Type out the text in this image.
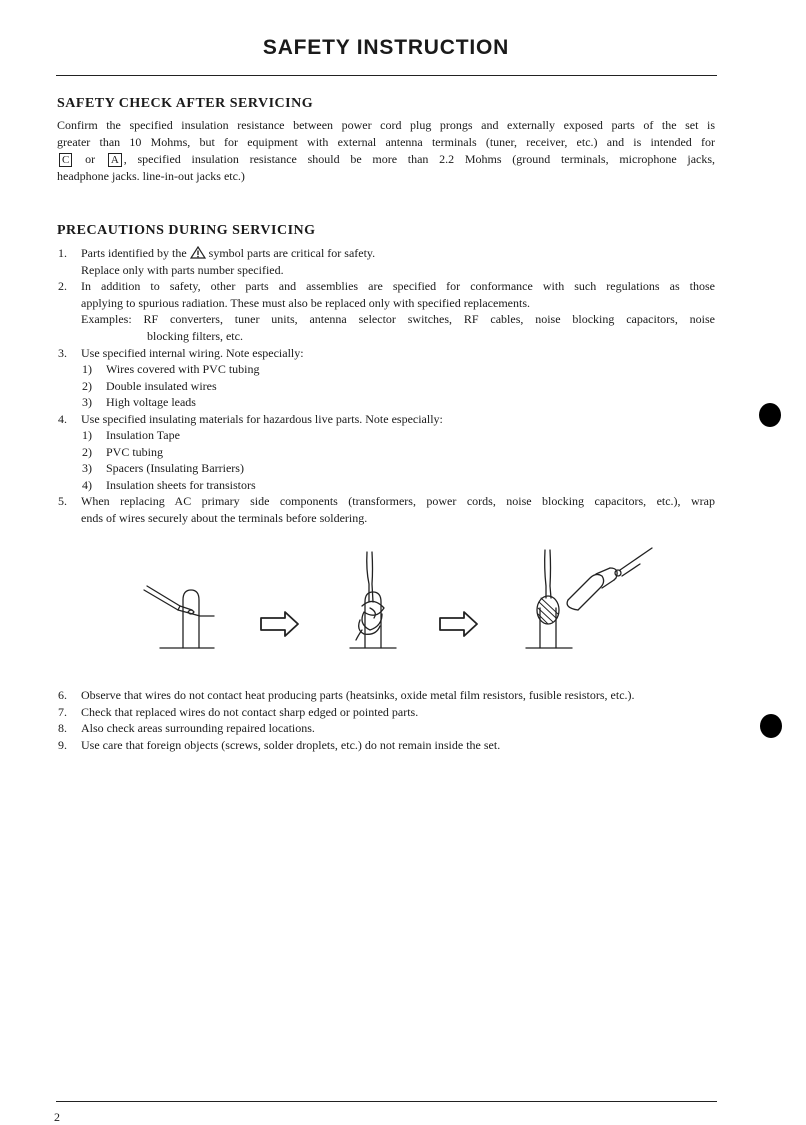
SAFETY INSTRUCTION
SAFETY CHECK AFTER SERVICING
Confirm the specified insulation resistance between power cord plug prongs and externally exposed parts of the set is
greater than 10 Mohms, but for equipment with external antenna terminals (tuner, receiver, etc.) and is intended for
C or A , specified insulation resistance should be more than 2.2 Mohms (ground terminals, microphone jacks,
headphone jacks. line-in-out jacks etc.)
PRECAUTIONS DURING SERVICING
1.	Parts identified by the symbol parts are critical for safety.
Replace only with parts number specified.
2.	In addition to safety, other parts and assemblies are specified for conformance with such regulations as those
applying to spurious radiation. These must also be replaced only with specified replacements.
Examples: RF converters, tuner units, antenna selector switches, RF cables, noise blocking capacitors, noise
blocking filters, etc.
3.	Use specified internal wiring. Note especially:
1) Wires covered with PVC tubing
2) Double insulated wires
3) High voltage leads
4.	Use specified insulating materials for hazardous live parts. Note especially:
1) Insulation Tape
2) PVC tubing
3) Spacers (Insulating Barriers)
4) Insulation sheets for transistors
5.	When replacing AC primary side components (transformers, power cords, noise blocking capacitors, etc.), wrap
ends of wires securely about the terminals before soldering.
6.	Observe that wires do not contact heat producing parts (heatsinks, oxide metal film resistors, fusible resistors, etc.).
7.	Check that replaced wires do not contact sharp edged or pointed parts.
8.	Also check areas surrounding repaired locations.
9.	Use care that foreign objects (screws, solder droplets, etc.) do not remain inside the set.
2
